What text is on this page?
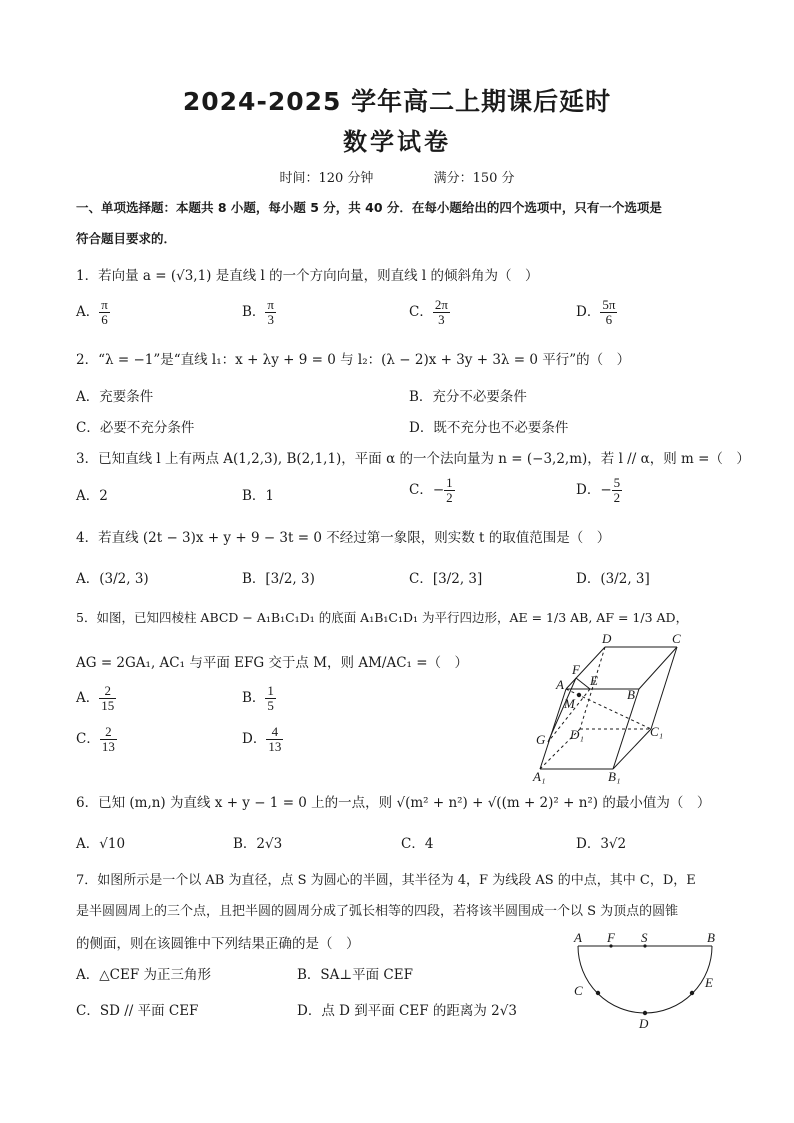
2024-2025 学年高二上期课后延时
数学试卷
时间：120 分钟	满分：150 分
一、单项选择题：本题共 8 小题，每小题 5 分，共 40 分．在每小题给出的四个选项中，只有一个选项是
符合题目要求的．
1．若向量 a = (√3,1) 是直线 l 的一个方向向量，则直线 l 的倾斜角为（　）
A． $\frac{\pi}{6}$	B． $\frac{\pi}{3}$	C． $\frac{2\pi}{3}$	D． $\frac{5\pi}{6}$
2．“λ = −1”是“直线 l₁：x + λy + 9 = 0 与 l₂：(λ − 2)x + 3y + 3λ = 0 平行”的（　）
A．充要条件	B．充分不必要条件
C．必要不充分条件	D．既不充分也不必要条件
3．已知直线 l 上有两点 A(1,2,3), B(2,1,1)，平面 α 的一个法向量为 n = (−3,2,m)，若 l // α，则 m =（　）
A．2	B．1	C．− $\frac{1}{2}$	D．− $\frac{5}{2}$
4．若直线 (2t − 3)x + y + 9 − 3t = 0 不经过第一象限，则实数 t 的取值范围是（　）
A．(3/2, 3)	B．[3/2, 3)	C．[3/2, 3]	D．(3/2, 3]
5．如图，已知四棱柱 ABCD − A₁B₁C₁D₁ 的底面 A₁B₁C₁D₁ 为平行四边形，AE = 1/3 AB, AF = 1/3 AD，
AG = 2GA₁, AC₁ 与平面 EFG 交于点 M，则 AM/AC₁ =（　）
A． $\frac{2}{15}$	B． $\frac{1}{5}$
C． $\frac{2}{13}$	D． $\frac{4}{13}$
D	C
F
A E
B
M
G D₁	C₁
A₁	B₁
6．已知 (m,n) 为直线 x + y − 1 = 0 上的一点，则 √(m² + n²) + √((m + 2)² + n²) 的最小值为（　）
A．√10	B．2√3	C．4	D．3√2
7．如图所示是一个以 AB 为直径，点 S 为圆心的半圆，其半径为 4，F 为线段 AS 的中点，其中 C，D，E
是半圆圆周上的三个点，且把半圆的圆周分成了弧长相等的四段，若将该半圆围成一个以 S 为顶点的圆锥
的侧面，则在该圆锥中下列结果正确的是（　）
A．△CEF 为正三角形	B．SA⊥平面 CEF
C．SD // 平面 CEF	D．点 D 到平面 CEF 的距离为 2√3
A F S	B
C
E
D
